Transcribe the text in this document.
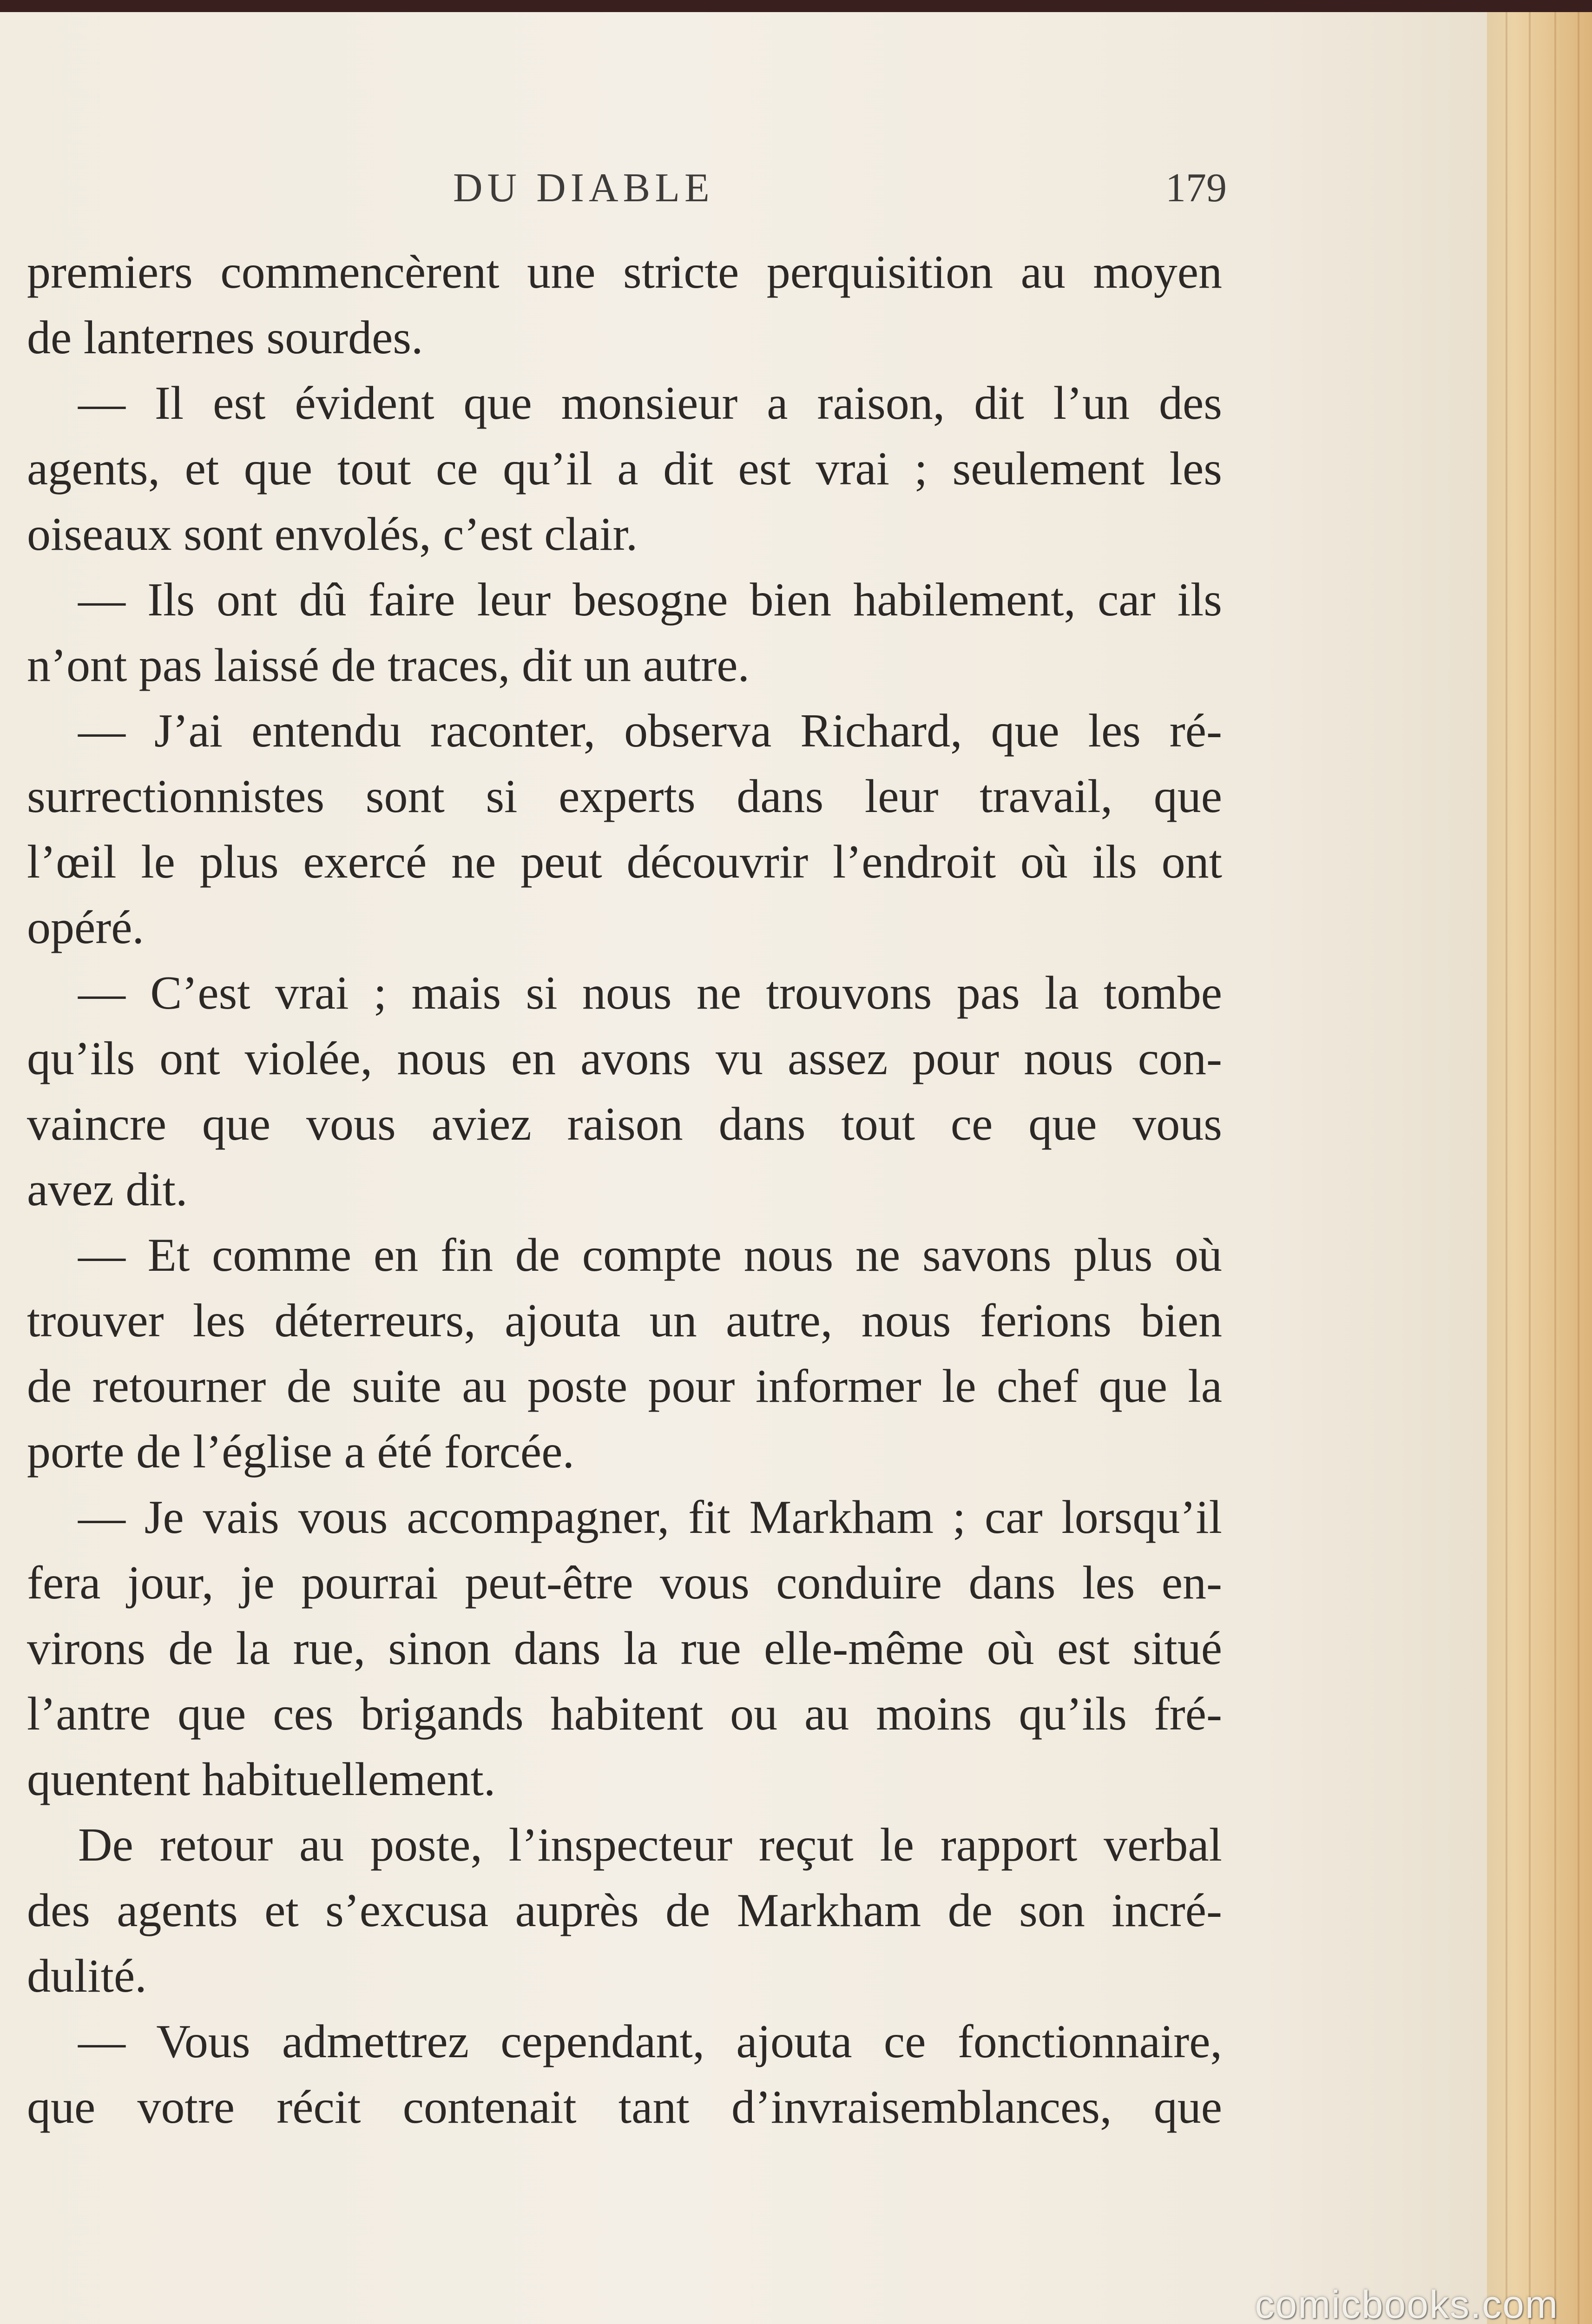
DU DIABLE	179
premiers commencèrent une stricte perquisition au moyen
de lanternes sourdes.
— Il est évident que monsieur a raison, dit l’un des
agents, et que tout ce qu’il a dit est vrai ; seulement les
oiseaux sont envolés, c’est clair.
— Ils ont dû faire leur besogne bien habilement, car ils
n’ont pas laissé de traces, dit un autre.
— J’ai entendu raconter, observa Richard, que les ré-
surrectionnistes sont si experts dans leur travail, que
l’œil le plus exercé ne peut découvrir l’endroit où ils ont
opéré.
— C’est vrai ; mais si nous ne trouvons pas la tombe
qu’ils ont violée, nous en avons vu assez pour nous con-
vaincre que vous aviez raison dans tout ce que vous
avez dit.
— Et comme en fin de compte nous ne savons plus où
trouver les déterreurs, ajouta un autre, nous ferions bien
de retourner de suite au poste pour informer le chef que la
porte de l’église a été forcée.
— Je vais vous accompagner, fit Markham ; car lorsqu’il
fera jour, je pourrai peut-être vous conduire dans les en-
virons de la rue, sinon dans la rue elle-même où est situé
l’antre que ces brigands habitent ou au moins qu’ils fré-
quentent habituellement.
De retour au poste, l’inspecteur reçut le rapport verbal
des agents et s’excusa auprès de Markham de son incré-
dulité.
— Vous admettrez cependant, ajouta ce fonctionnaire,
que votre récit contenait tant d’invraisemblances, que
comicbooks.com
